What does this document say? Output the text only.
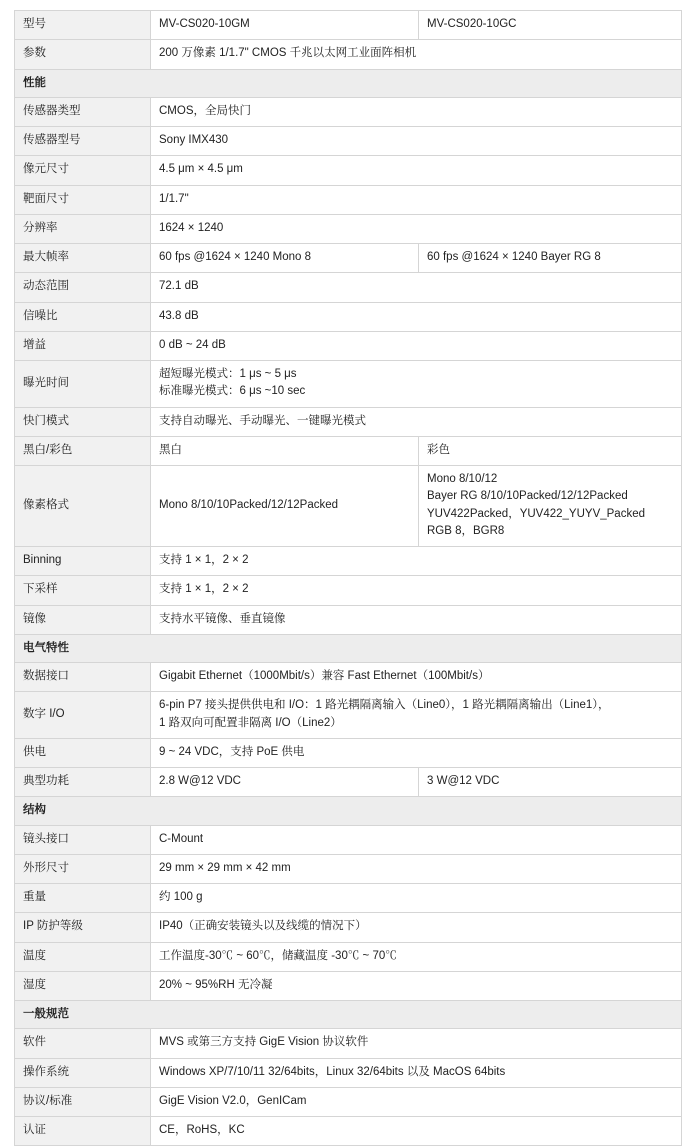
型号	MV-CS020-10GM	MV-CS020-10GC
参数	200 万像素 1/1.7" CMOS 千兆以太网工业面阵相机	
性能		
传感器类型	CMOS，全局快门	
传感器型号	Sony IMX430	
像元尺寸	4.5 μm × 4.5 μm	
靶面尺寸	1/1.7"	
分辨率	1624 × 1240	
最大帧率	60 fps @1624 × 1240 Mono 8	60 fps @1624 × 1240 Bayer RG 8
动态范围	72.1 dB	
信噪比	43.8 dB	
增益	0 dB ~ 24 dB	
曝光时间	超短曝光模式：1 μs ~ 5 μs
标准曝光模式：6 μs ~10 sec	

快门模式	支持自动曝光、手动曝光、一键曝光模式	
黑白/彩色	黑白	彩色
像素格式	Mono 8/10/10Packed/12/12Packed	Mono 8/10/12
Bayer RG 8/10/10Packed/12/12Packed
YUV422Packed，YUV422_YUYV_Packed
RGB 8，BGR8

Binning	支持 1 × 1，2 × 2	
下采样	支持 1 × 1，2 × 2	
镜像	支持水平镜像、垂直镜像	
电气特性		
数据接口	Gigabit Ethernet（1000Mbit/s）兼容 Fast Ethernet（100Mbit/s）	
数字 I/O	6-pin P7 接头提供供电和 I/O：1 路光耦隔离输入（Line0），1 路光耦隔离输出（Line1），
1 路双向可配置非隔离 I/O（Line2）	

供电	9 ~ 24 VDC，支持 PoE 供电	
典型功耗	2.8 W@12 VDC	3 W@12 VDC
结构		
镜头接口	C-Mount	
外形尺寸	29 mm × 29 mm × 42 mm	
重量	约 100 g	
IP 防护等级	IP40（正确安装镜头以及线缆的情况下）	
温度	工作温度-30℃ ~ 60℃，储藏温度 -30℃ ~ 70℃	
湿度	20% ~ 95%RH 无冷凝	
一般规范		
软件	MVS 或第三方支持 GigE Vision 协议软件	
操作系统	Windows XP/7/10/11 32/64bits，Linux 32/64bits 以及 MacOS 64bits	
协议/标准	GigE Vision V2.0，GenICam	
认证	CE，RoHS，KC	
